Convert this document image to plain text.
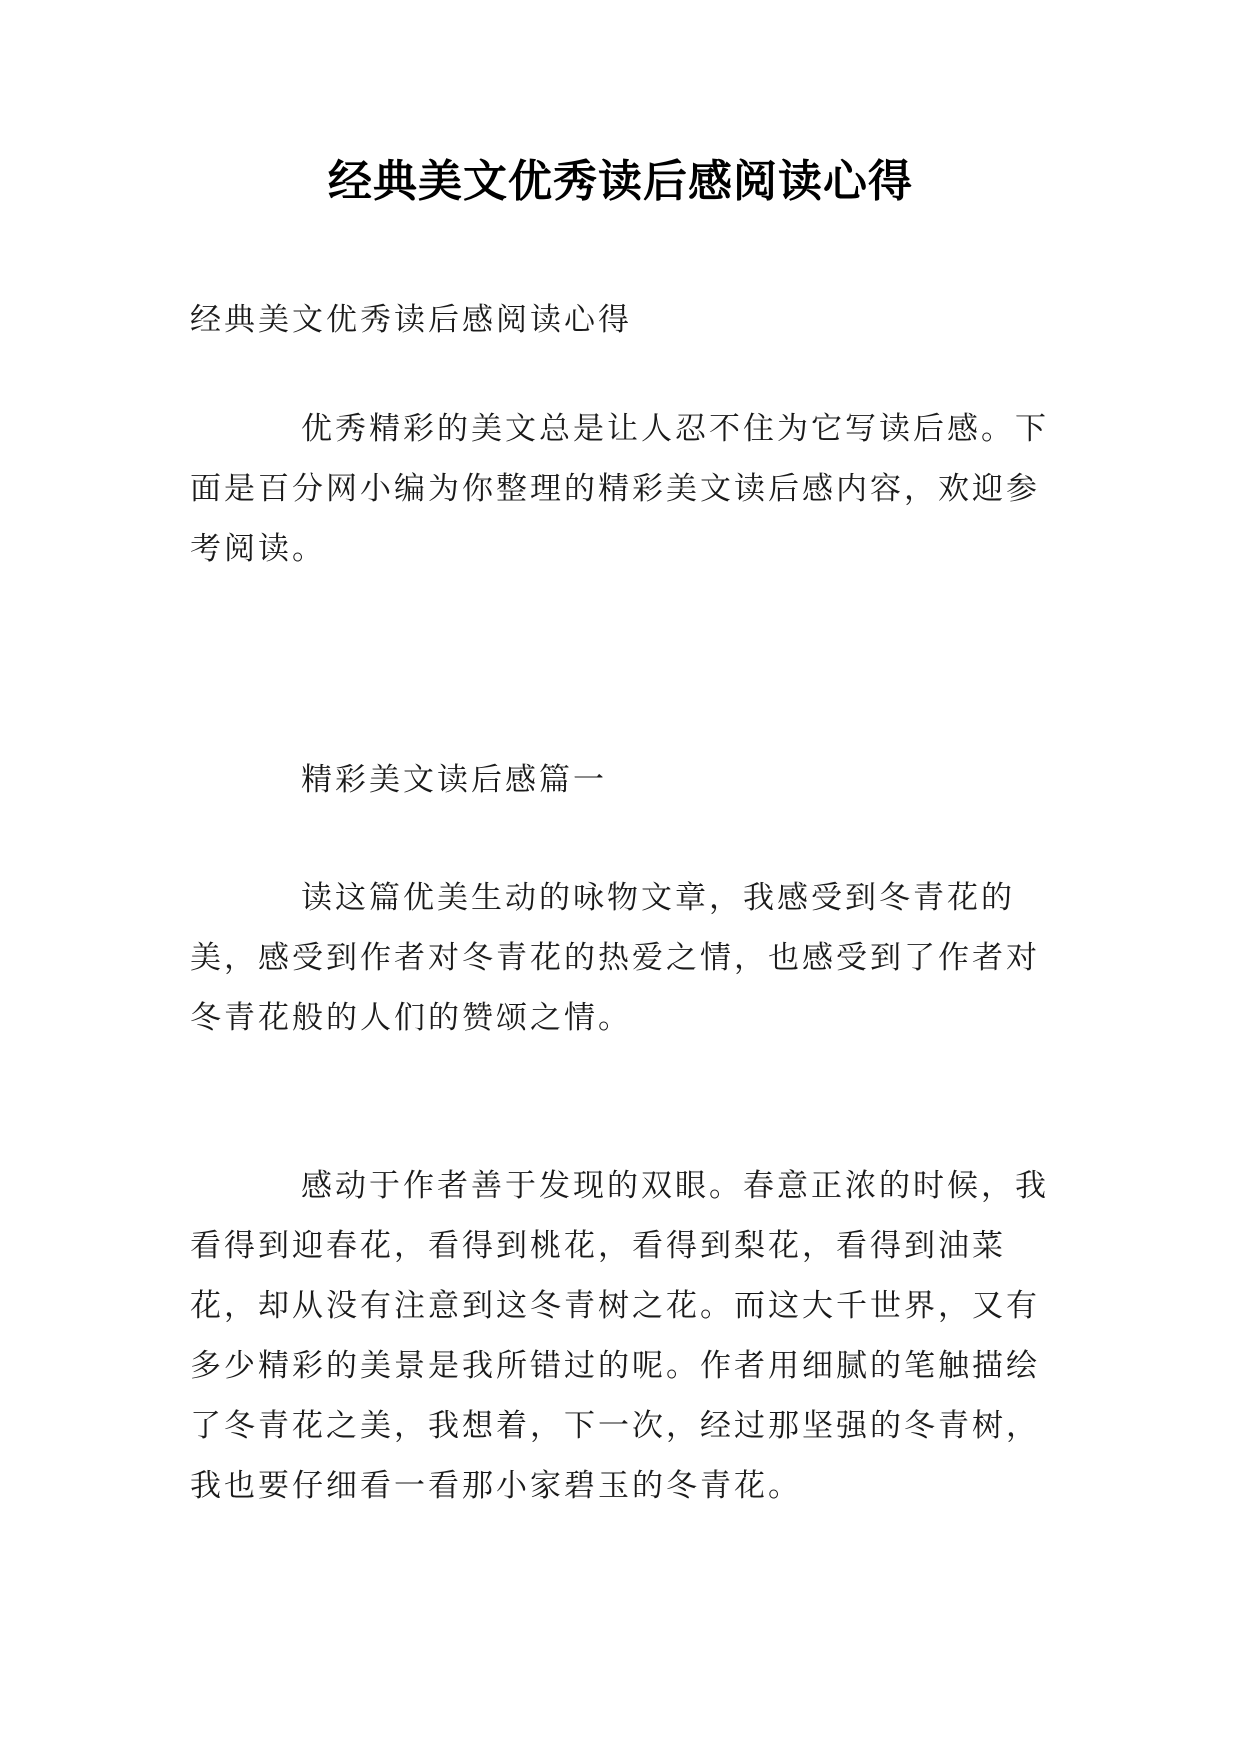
经典美文优秀读后感阅读心得

经典美文优秀读后感阅读心得

优秀精彩的美文总是让人忍不住为它写读后感。下面是百分网小编为你整理的精彩美文读后感内容，欢迎参考阅读。

精彩美文读后感篇一

读这篇优美生动的咏物文章，我感受到冬青花的美，感受到作者对冬青花的热爱之情，也感受到了作者对冬青花般的人们的赞颂之情。

感动于作者善于发现的双眼。春意正浓的时候，我看得到迎春花，看得到桃花，看得到梨花，看得到油菜花，却从没有注意到这冬青树之花。而这大千世界，又有多少精彩的美景是我所错过的呢。作者用细腻的笔触描绘了冬青花之美，我想着，下一次，经过那坚强的冬青树，我也要仔细看一看那小家碧玉的冬青花。
